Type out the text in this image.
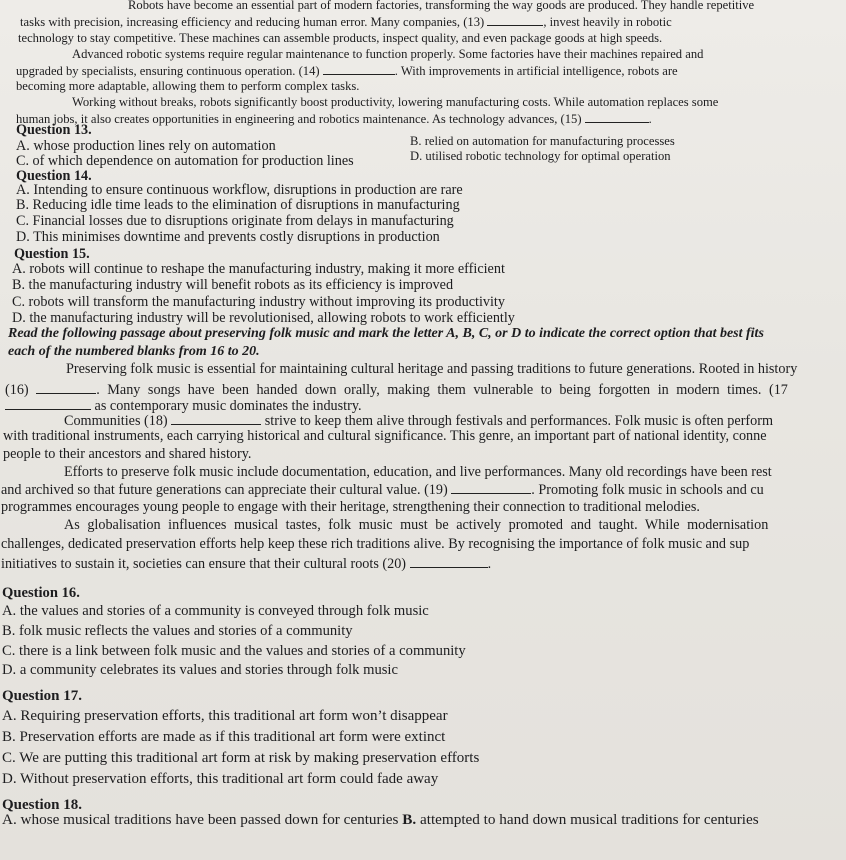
Robots have become an essential part of modern factories, transforming the way goods are produced. They handle repetitive
tasks with precision, increasing efficiency and reducing human error. Many companies, (13)	, invest heavily in robotic
technology to stay competitive. These machines can assemble products, inspect quality, and even package goods at high speeds.
Advanced robotic systems require regular maintenance to function properly. Some factories have their machines repaired and
upgraded by specialists, ensuring continuous operation. (14)	. With improvements in artificial intelligence, robots are
becoming more adaptable, allowing them to perform complex tasks.
Working without breaks, robots significantly boost productivity, lowering manufacturing costs. While automation replaces some
human jobs, it also creates opportunities in engineering and robotics maintenance. As technology advances, (15)	.
Question 13.
A. whose production lines rely on automation	B. relied on automation for manufacturing processes
C. of which dependence on automation for production lines	D. utilised robotic technology for optimal operation
Question 14.
A. Intending to ensure continuous workflow, disruptions in production are rare
B. Reducing idle time leads to the elimination of disruptions in manufacturing
C. Financial losses due to disruptions originate from delays in manufacturing
D. This minimises downtime and prevents costly disruptions in production
Question 15.
A. robots will continue to reshape the manufacturing industry, making it more efficient
B. the manufacturing industry will benefit robots as its efficiency is improved
C. robots will transform the manufacturing industry without improving its productivity
D. the manufacturing industry will be revolutionised, allowing robots to work efficiently
Read the following passage about preserving folk music and mark the letter A, B, C, or D to indicate the correct option that best fits
each of the numbered blanks from 16 to 20.
Preserving folk music is essential for maintaining cultural heritage and passing traditions to future generations. Rooted in history
(16)	. Many songs have been handed down orally, making them vulnerable to being forgotten in modern times. (17
as contemporary music dominates the industry.
Communities (18)	strive to keep them alive through festivals and performances. Folk music is often perform
with traditional instruments, each carrying historical and cultural significance. This genre, an important part of national identity, conne
people to their ancestors and shared history.
Efforts to preserve folk music include documentation, education, and live performances. Many old recordings have been rest
and archived so that future generations can appreciate their cultural value. (19)	. Promoting folk music in schools and cu
programmes encourages young people to engage with their heritage, strengthening their connection to traditional melodies.
As globalisation influences musical tastes, folk music must be actively promoted and taught. While modernisation
challenges, dedicated preservation efforts help keep these rich traditions alive. By recognising the importance of folk music and sup
initiatives to sustain it, societies can ensure that their cultural roots (20)	.
Question 16.
A. the values and stories of a community is conveyed through folk music
B. folk music reflects the values and stories of a community
C. there is a link between folk music and the values and stories of a community
D. a community celebrates its values and stories through folk music
Question 17.
A. Requiring preservation efforts, this traditional art form won’t disappear
B. Preservation efforts are made as if this traditional art form were extinct
C. We are putting this traditional art form at risk by making preservation efforts
D. Without preservation efforts, this traditional art form could fade away
Question 18.
A. whose musical traditions have been passed down for centuries B. attempted to hand down musical traditions for centuries
